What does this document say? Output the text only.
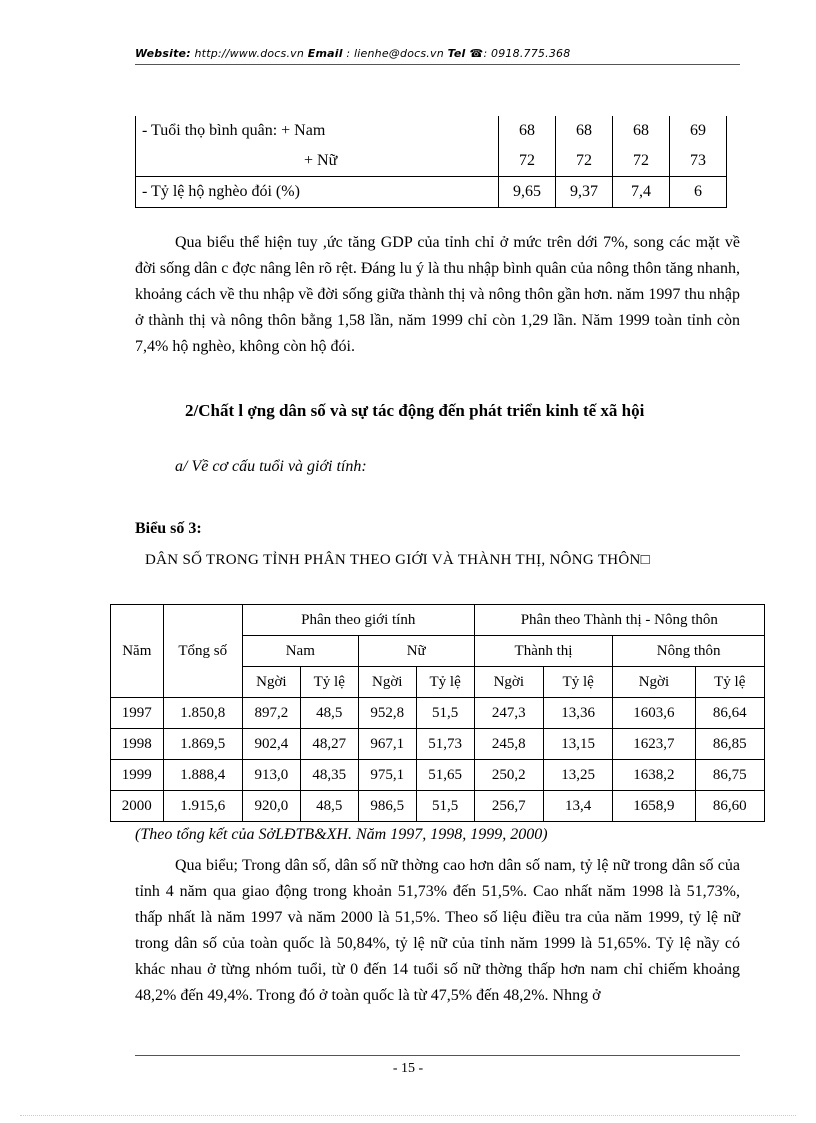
Website: http://www.docs.vn Email : lienhe@docs.vn Tel ☎: 0918.775.368
- Tuổi thọ bình quân: + Nam	68	68	68	69
+ Nữ	72	72	72	73
- Tỷ lệ hộ nghèo đói (%)	9,65	9,37	7,4	6

Qua biểu thể hiện tuy ,ức tăng GDP của tỉnh chỉ ở mức trên dới 7%, song các mặt về đời sống dân c đợc nâng lên rõ rệt. Đáng lu ý là thu nhập bình quân của nông thôn tăng nhanh, khoảng cách về thu nhập về đời sống giữa thành thị và nông thôn gần hơn. năm 1997 thu nhập ở thành thị và nông thôn bằng 1,58 lần, năm 1999 chỉ còn 1,29 lần. Năm 1999 toàn tỉnh còn 7,4% hộ nghèo, không còn hộ đói.

2/Chất l ợng dân số và sự tác động đến phát triển kinh tế xã hội
a/ Về cơ cấu tuổi và giới tính:
Biểu số 3:
DÂN SỐ TRONG TỈNH PHÂN THEO GIỚI VÀ THÀNH THỊ, NÔNG THÔN□
Năm	Tổng số	Phân theo giới tính				Phân theo Thành thị - Nông thôn			
		Nam		Nữ		Thành thị		Nông thôn	
		Ngời	Tỷ lệ	Ngời	Tỷ lệ	Ngời	Tỷ lệ	Ngời	Tỷ lệ
1997	1.850,8	897,2	48,5	952,8	51,5	247,3	13,36	1603,6	86,64
1998	1.869,5	902,4	48,27	967,1	51,73	245,8	13,15	1623,7	86,85
1999	1.888,4	913,0	48,35	975,1	51,65	250,2	13,25	1638,2	86,75
2000	1.915,6	920,0	48,5	986,5	51,5	256,7	13,4	1658,9	86,60
(Theo tổng kết của SởLĐTB&XH. Năm 1997, 1998, 1999, 2000)

Qua biểu; Trong dân số, dân số nữ thờng cao hơn dân số nam, tỷ lệ nữ trong dân số của tỉnh 4 năm qua giao động trong khoản 51,73% đến 51,5%. Cao nhất năm 1998 là 51,73%, thấp nhất là năm 1997 và năm 2000 là 51,5%. Theo số liệu điều tra của năm 1999, tỷ lệ nữ trong dân số của toàn quốc là 50,84%, tỷ lệ nữ của tỉnh năm 1999 là 51,65%. Tỷ lệ nầy có khác nhau ở từng nhóm tuổi, từ 0 đến 14 tuổi số nữ thờng thấp hơn nam chỉ chiếm khoảng 48,2% đến 49,4%. Trong đó ở toàn quốc là từ 47,5% đến 48,2%. Nhng ở

- 15 -
